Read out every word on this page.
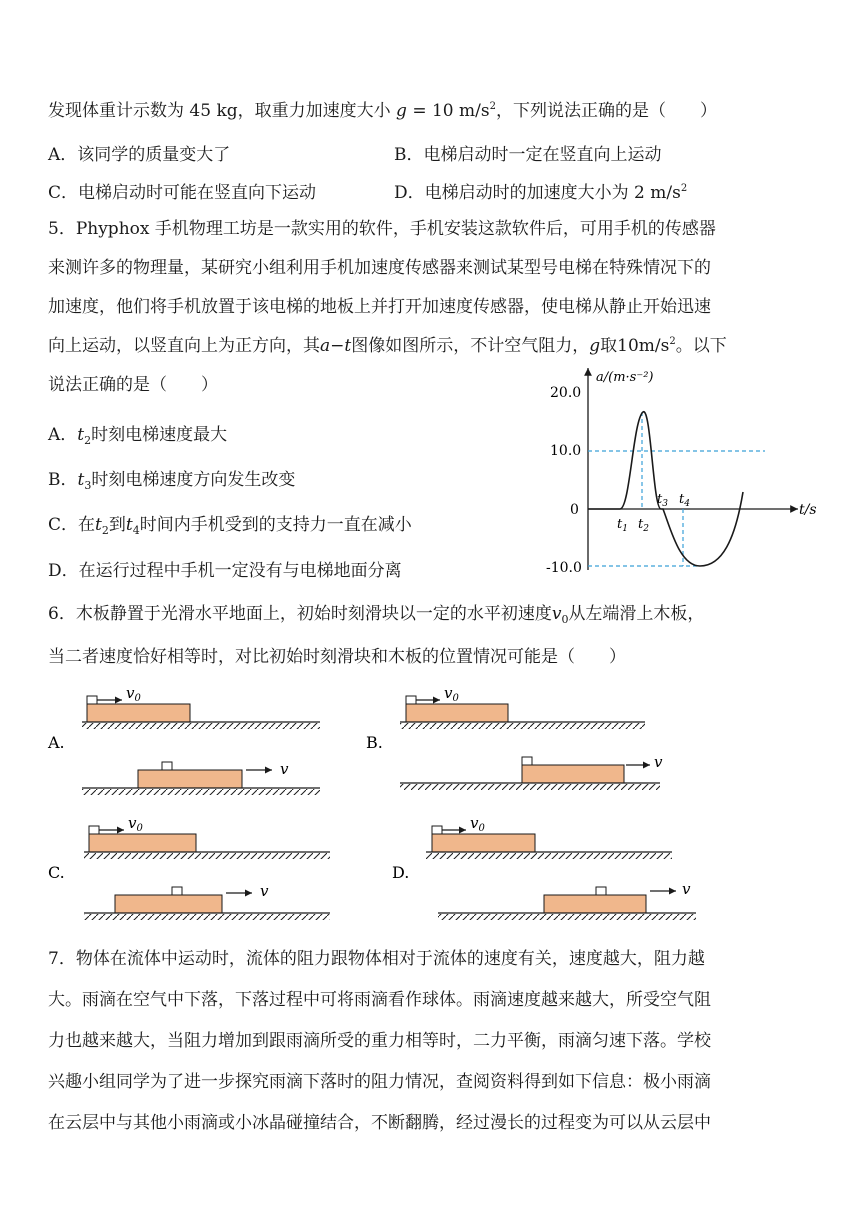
发现体重计示数为 45 kg，取重力加速度大小 g = 10 $m/s^2$，下列说法正确的是（　　）
A．该同学的质量变大了	B．电梯启动时一定在竖直向上运动
C．电梯启动时可能在竖直向下运动	D．电梯启动时的加速度大小为 2 $m/s^2$
5．Phyphox 手机物理工坊是一款实用的软件，手机安装这款软件后，可用手机的传感器
来测许多的物理量，某研究小组利用手机加速度传感器来测试某型号电梯在特殊情况下的
加速度，他们将手机放置于该电梯的地板上并打开加速度传感器，使电梯从静止开始迅速
向上运动，以竖直向上为正方向，其a−t图像如图所示，不计空气阻力，g取$10m/s^2$。以下
说法正确的是（　　）
A．$t_2$时刻电梯速度最大
B．$t_3$时刻电梯速度方向发生改变
C．在$t_2$到$t_4$时间内手机受到的支持力一直在减小
D．在运行过程中手机一定没有与电梯地面分离
a/(m·s⁻²)
t/s
20.0
10.0
0
-10.0
$t_1$ $t_2$
$t_3$ $t_4$
6．木板静置于光滑水平地面上，初始时刻滑块以一定的水平初速度$v_0$从左端滑上木板，
当二者速度恰好相等时，对比初始时刻滑块和木板的位置情况可能是（　　）
A.
$v_0$
v
B.
$v_0$
v
C.
$v_0$
v
D.
$v_0$
v
7．物体在流体中运动时，流体的阻力跟物体相对于流体的速度有关，速度越大，阻力越
大。雨滴在空气中下落，下落过程中可将雨滴看作球体。雨滴速度越来越大，所受空气阻
力也越来越大，当阻力增加到跟雨滴所受的重力相等时，二力平衡，雨滴匀速下落。学校
兴趣小组同学为了进一步探究雨滴下落时的阻力情况，查阅资料得到如下信息：极小雨滴
在云层中与其他小雨滴或小冰晶碰撞结合，不断翻腾，经过漫长的过程变为可以从云层中
